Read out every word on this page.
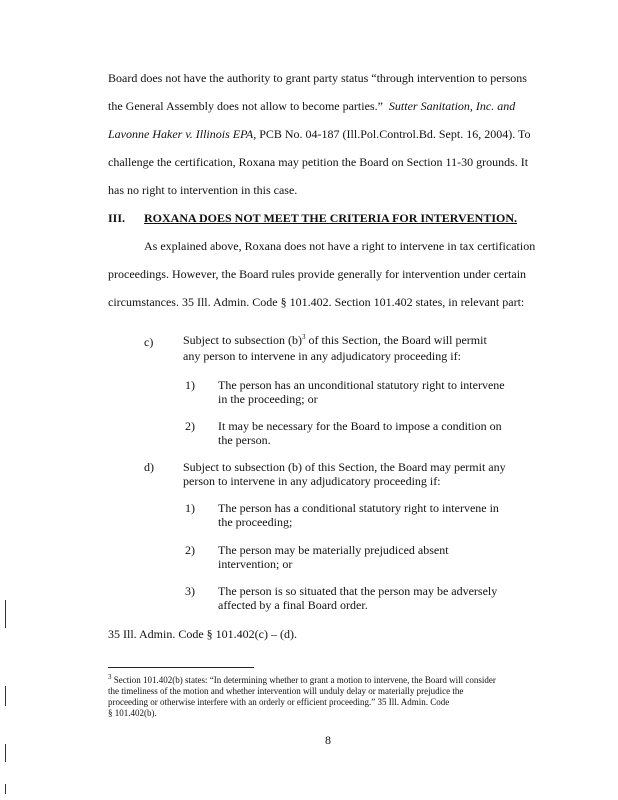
Board does not have the authority to grant party status “through intervention to persons
the General Assembly does not allow to become parties.” Sutter Sanitation, Inc. and
Lavonne Haker v. Illinois EPA, PCB No. 04-187 (Ill.Pol.Control.Bd. Sept. 16, 2004). To
challenge the certification, Roxana may petition the Board on Section 11-30 grounds. It
has no right to intervention in this case.
III. ROXANA DOES NOT MEET THE CRITERIA FOR INTERVENTION.
As explained above, Roxana does not have a right to intervene in tax certification
proceedings. However, the Board rules provide generally for intervention under certain
circumstances. 35 Ill. Admin. Code § 101.402. Section 101.402 states, in relevant part:
c) Subject to subsection $(b)^3$ of this Section, the Board will permit
any person to intervene in any adjudicatory proceeding if:
1) The person has an unconditional statutory right to intervene
in the proceeding; or
2) It may be necessary for the Board to impose a condition on
the person.
d) Subject to subsection (b) of this Section, the Board may permit any
person to intervene in any adjudicatory proceeding if:
1) The person has a conditional statutory right to intervene in
the proceeding;
2) The person may be materially prejudiced absent
intervention; or
3) The person is so situated that the person may be adversely
affected by a final Board order.
35 Ill. Admin. Code § 101.402(c) – (d).
$^3$ Section 101.402(b) states: “In determining whether to grant a motion to intervene, the Board will consider
the timeliness of the motion and whether intervention will unduly delay or materially prejudice the
proceeding or otherwise interfere with an orderly or efficient proceeding.” 35 Ill. Admin. Code
§ 101.402(b).
8
